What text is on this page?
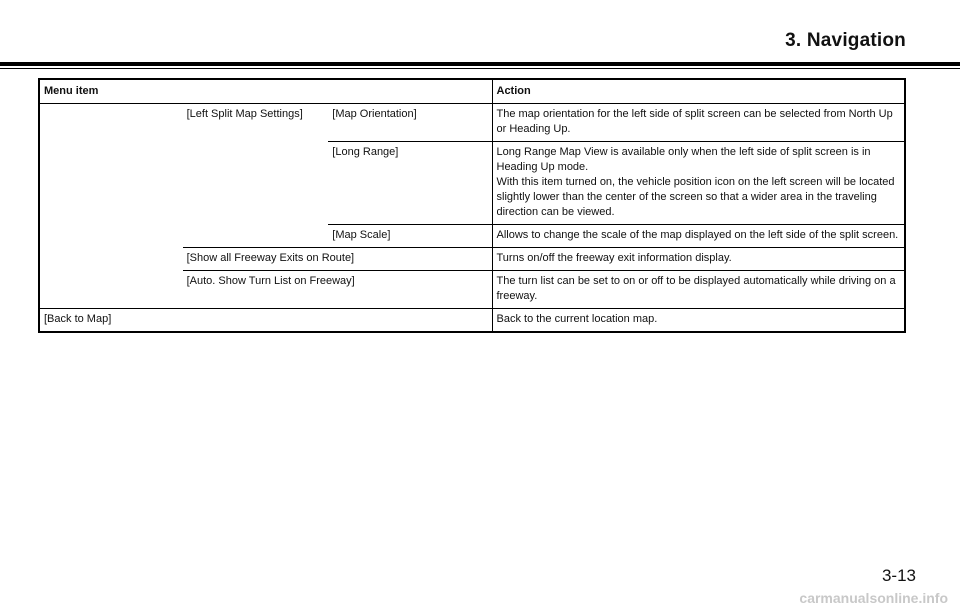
3. Navigation
Menu item			Action
	[Left Split Map Settings]	[Map Orientation]	The map orientation for the left side of split screen can be selected from North Up or Heading Up.
		[Long Range]	Long Range Map View is available only when the left side of split screen is in Heading Up mode.
With this item turned on, the vehicle position icon on the left screen will be located slightly lower than the center of the screen so that a wider area in the traveling direction can be viewed.

		[Map Scale]	Allows to change the scale of the map displayed on the left side of the split screen.
	[Show all Freeway Exits on Route]		Turns on/off the freeway exit information display.
	[Auto. Show Turn List on Freeway]		The turn list can be set to on or off to be displayed automatically while driving on a freeway.
[Back to Map]			Back to the current location map.
3-13
carmanualsonline.info
